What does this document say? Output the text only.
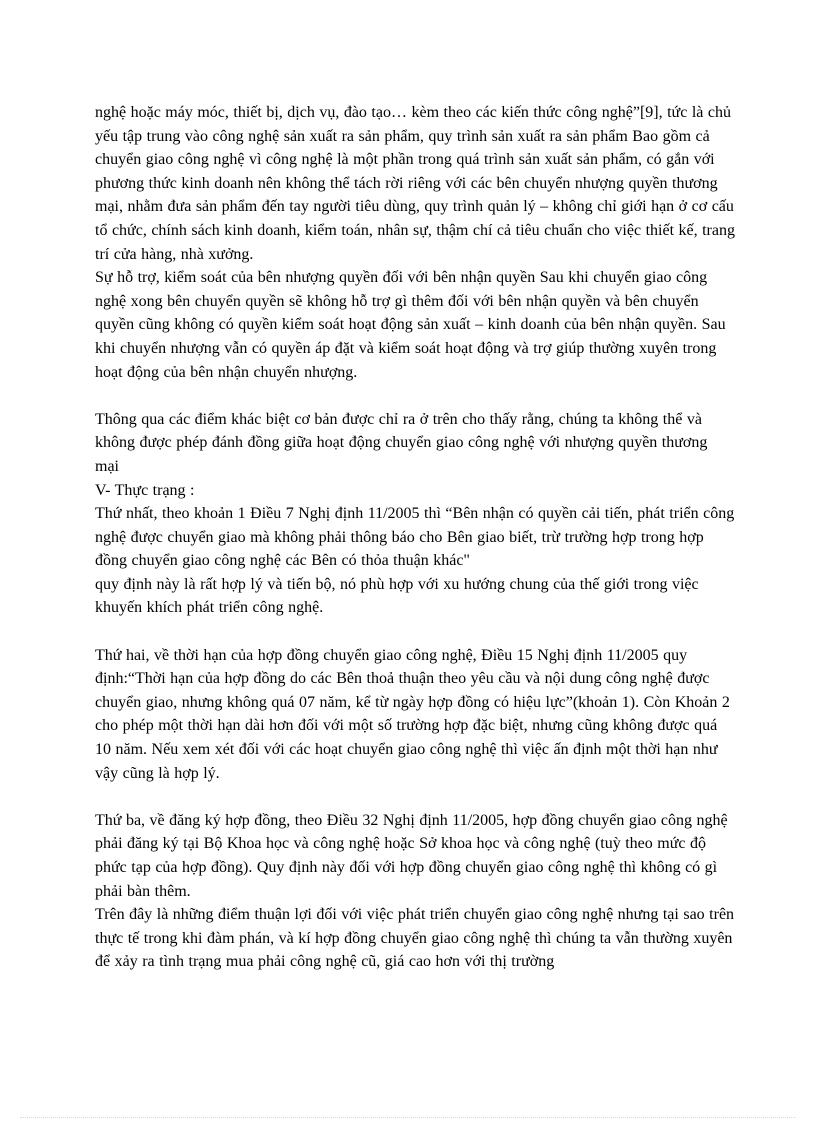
nghệ hoặc máy móc, thiết bị, dịch vụ, đào tạo… kèm theo các kiến thức công nghệ”[9], tức là chủ yếu tập trung vào công nghệ sản xuất ra sản phẩm, quy trình sản xuất ra sản phẩm Bao gồm cả chuyển giao công nghệ vì công nghệ là một phần trong quá trình sản xuất sản phẩm, có gắn với phương thức kinh doanh nên không thể tách rời riêng với các bên chuyển nhượng quyền thương mại, nhằm đưa sản phẩm đến tay người tiêu dùng, quy trình quản lý – không chỉ giới hạn ở cơ cấu tổ chức, chính sách kinh doanh, kiểm toán, nhân sự, thậm chí cả tiêu chuẩn cho việc thiết kế, trang trí cửa hàng, nhà xưởng.

Sự hỗ trợ, kiểm soát của bên nhượng quyền đối với bên nhận quyền Sau khi chuyển giao công nghệ xong bên chuyển quyền sẽ không hỗ trợ gì thêm đối với bên nhận quyền và bên chuyển quyền cũng không có quyền kiểm soát hoạt động sản xuất – kinh doanh của bên nhận quyền. Sau khi chuyển nhượng vẫn có quyền áp đặt và kiểm soát hoạt động và trợ giúp thường xuyên trong hoạt động của bên nhận chuyển nhượng.

Thông qua các điểm khác biệt cơ bản được chỉ ra ở trên cho thấy rằng, chúng ta không thể và không được phép đánh đồng giữa hoạt động chuyển giao công nghệ với nhượng quyền thương mại

V- Thực trạng :

Thứ nhất, theo khoản 1 Điều 7 Nghị định 11/2005 thì “Bên nhận có quyền cải tiến, phát triển công nghệ được chuyển giao mà không phải thông báo cho Bên giao biết, trừ trường hợp trong hợp đồng chuyển giao công nghệ các Bên có thỏa thuận khác"

quy định này là rất hợp lý và tiến bộ, nó phù hợp với xu hướng chung của thế giới trong việc khuyến khích phát triển công nghệ.

Thứ hai, về thời hạn của hợp đồng chuyển giao công nghệ, Điều 15 Nghị định 11/2005 quy định:“Thời hạn của hợp đồng do các Bên thoả thuận theo yêu cầu và nội dung công nghệ được chuyển giao, nhưng không quá 07 năm, kể từ ngày hợp đồng có hiệu lực”(khoản 1). Còn Khoản 2 cho phép một thời hạn dài hơn đối với một số trường hợp đặc biệt, nhưng cũng không được quá 10 năm. Nếu xem xét đối với các hoạt chuyển giao công nghệ thì việc ấn định một thời hạn như vậy cũng là hợp lý.

Thứ ba, về đăng ký hợp đồng, theo Điều 32 Nghị định 11/2005, hợp đồng chuyển giao công nghệ phải đăng ký tại Bộ Khoa học và công nghệ hoặc Sở khoa học và công nghệ (tuỳ theo mức độ phức tạp của hợp đồng). Quy định này đối với hợp đồng chuyển giao công nghệ thì không có gì phải bàn thêm.

Trên đây là những điểm thuận lợi đối với việc phát triển chuyển giao công nghệ nhưng tại sao trên thực tế trong khi đàm phán, và kí hợp đồng chuyển giao công nghệ thì chúng ta vẫn thường xuyên để xảy ra tình trạng mua phải công nghệ cũ, giá cao hơn với thị trường
